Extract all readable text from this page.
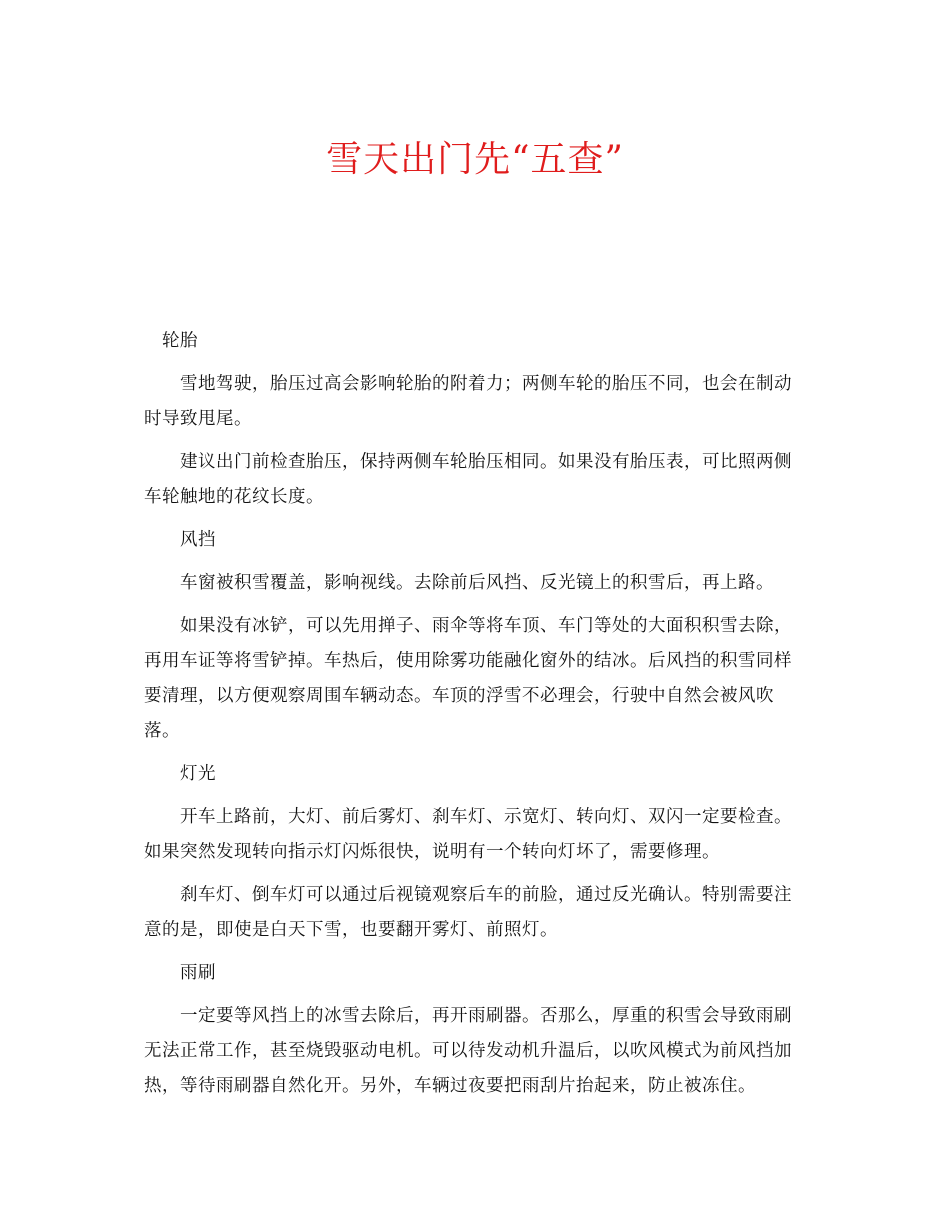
雪天出门先“五查”

轮胎

雪地驾驶，胎压过高会影响轮胎的附着力；两侧车轮的胎压不同，也会在制动时导致甩尾。

建议出门前检查胎压，保持两侧车轮胎压相同。如果没有胎压表，可比照两侧车轮触地的花纹长度。

风挡

车窗被积雪覆盖，影响视线。去除前后风挡、反光镜上的积雪后，再上路。

如果没有冰铲，可以先用掸子、雨伞等将车顶、车门等处的大面积积雪去除，再用车证等将雪铲掉。车热后，使用除雾功能融化窗外的结冰。后风挡的积雪同样要清理，以方便观察周围车辆动态。车顶的浮雪不必理会，行驶中自然会被风吹落。

灯光

开车上路前，大灯、前后雾灯、刹车灯、示宽灯、转向灯、双闪一定要检查。 如果突然发现转向指示灯闪烁很快，说明有一个转向灯坏了，需要修理。

刹车灯、倒车灯可以通过后视镜观察后车的前脸，通过反光确认。特别需要注意的是，即使是白天下雪，也要翻开雾灯、前照灯。

雨刷

一定要等风挡上的冰雪去除后，再开雨刷器。否那么，厚重的积雪会导致雨刷无法正常工作，甚至烧毁驱动电机。可以待发动机升温后，以吹风模式为前风挡加热，等待雨刷器自然化开。另外，车辆过夜要把雨刮片抬起来，防止被冻住。
